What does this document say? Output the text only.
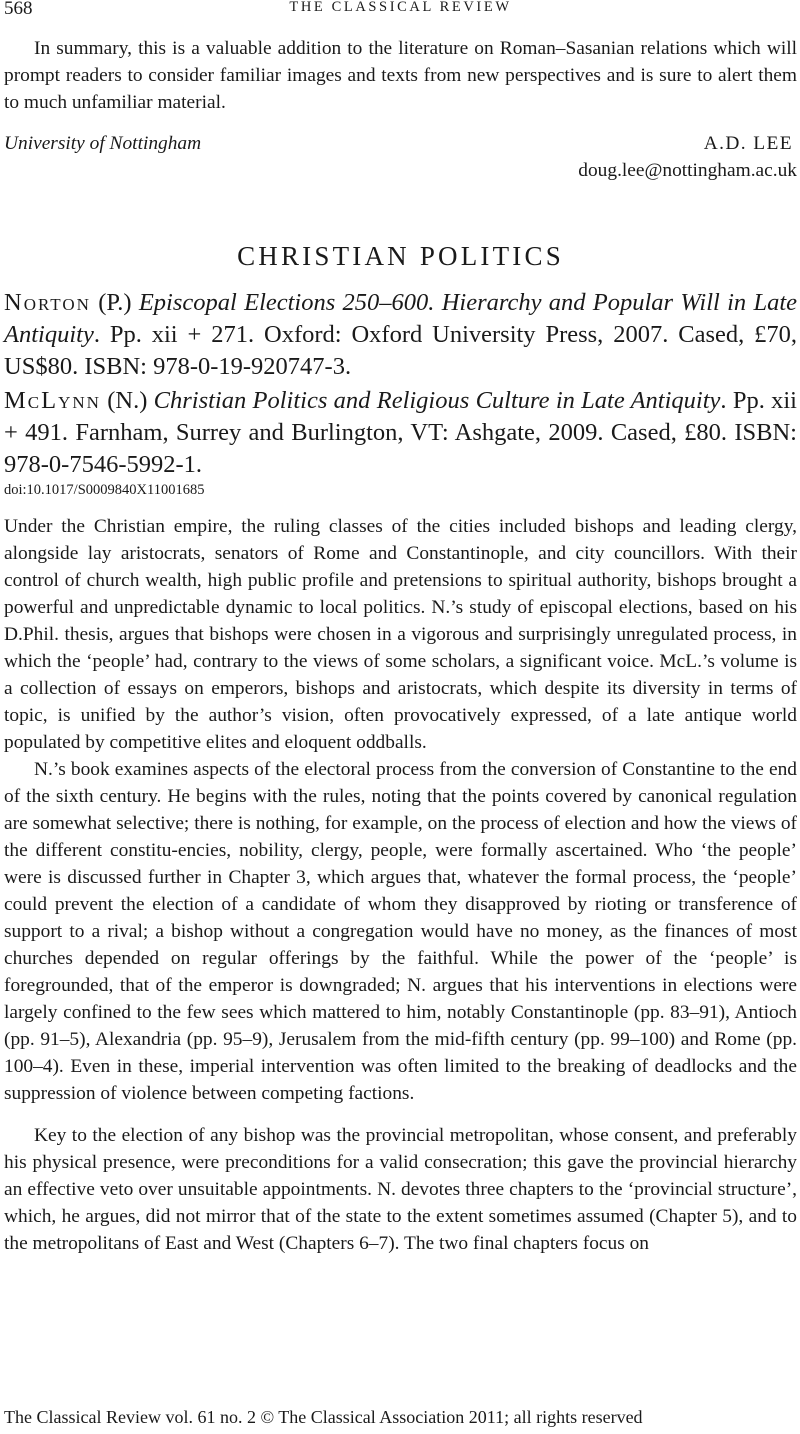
568	THE CLASSICAL REVIEW

In summary, this is a valuable addition to the literature on Roman–Sasanian relations which will prompt readers to consider familiar images and texts from new perspectives and is sure to alert them to much unfamiliar material.

University of Nottingham	A.D. LEE
doug.lee@nottingham.ac.uk
CHRISTIAN POLITICS
Norton (P.) Episcopal Elections 250–600. Hierarchy and Popular Will in Late Antiquity. Pp. xii + 271. Oxford: Oxford University Press, 2007. Cased, £70, US$80. ISBN: 978-0-19-920747-3.
McLynn (N.) Christian Politics and Religious Culture in Late Antiquity. Pp. xii + 491. Farnham, Surrey and Burlington, VT: Ashgate, 2009. Cased, £80. ISBN: 978-0-7546-5992-1.
doi:10.1017/S0009840X11001685

Under the Christian empire, the ruling classes of the cities included bishops and leading clergy, alongside lay aristocrats, senators of Rome and Constantinople, and city councillors. With their control of church wealth, high public profile and pretensions to spiritual authority, bishops brought a powerful and unpredictable dynamic to local politics. N.’s study of episcopal elections, based on his D.Phil. thesis, argues that bishops were chosen in a vigorous and surprisingly unregulated process, in which the ‘people’ had, contrary to the views of some scholars, a significant voice. McL.’s volume is a collection of essays on emperors, bishops and aristocrats, which despite its diversity in terms of topic, is unified by the author’s vision, often provocatively expressed, of a late antique world populated by competitive elites and eloquent oddballs.

N.’s book examines aspects of the electoral process from the conversion of Constantine to the end of the sixth century. He begins with the rules, noting that the points covered by canonical regulation are somewhat selective; there is nothing, for example, on the process of election and how the views of the different constitu-encies, nobility, clergy, people, were formally ascertained. Who ‘the people’ were is discussed further in Chapter 3, which argues that, whatever the formal process, the ‘people’ could prevent the election of a candidate of whom they disapproved by rioting or transference of support to a rival; a bishop without a congregation would have no money, as the finances of most churches depended on regular offerings by the faithful. While the power of the ‘people’ is foregrounded, that of the emperor is downgraded; N. argues that his interventions in elections were largely confined to the few sees which mattered to him, notably Constantinople (pp. 83–91), Antioch (pp. 91–5), Alexandria (pp. 95–9), Jerusalem from the mid-fifth century (pp. 99–100) and Rome (pp. 100–4). Even in these, imperial intervention was often limited to the breaking of deadlocks and the suppression of violence between competing factions.

Key to the election of any bishop was the provincial metropolitan, whose consent, and preferably his physical presence, were preconditions for a valid consecration; this gave the provincial hierarchy an effective veto over unsuitable appointments. N. devotes three chapters to the ‘provincial structure’, which, he argues, did not mirror that of the state to the extent sometimes assumed (Chapter 5), and to the metropolitans of East and West (Chapters 6–7). The two final chapters focus on

The Classical Review vol. 61 no. 2 © The Classical Association 2011; all rights reserved
